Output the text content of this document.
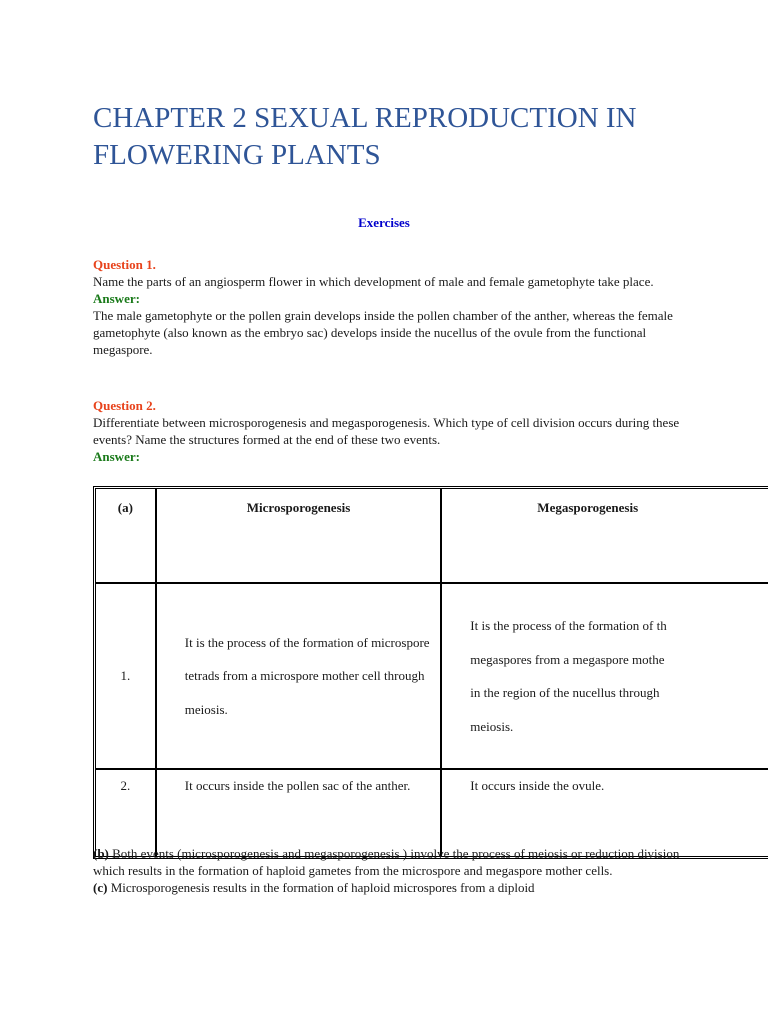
CHAPTER 2 SEXUAL REPRODUCTION IN FLOWERING PLANTS
Exercises

Question 1.

Name the parts of an angiosperm flower in which development of male and female gametophyte take place.

Answer:

The male gametophyte or the pollen grain develops inside the pollen chamber of the anther, whereas the female gametophyte (also known as the embryo sac) develops inside the nucellus of the ovule from the functional megaspore.

Question 2.

Differentiate between microsporogenesis and megasporogenesis. Which type of cell division occurs during these events? Name the structures formed at the end of these two events.

Answer:

(a)	Microsporogenesis	Megasporogenesis
1.	It is the process of the formation of microspore tetrads from a microspore mother cell through meiosis.	It is the process of the formation of th
megaspores from a megaspore mothe
in the region of the nucellus through
meiosis.

2.	It occurs inside the pollen sac of the anther.	It occurs inside the ovule.

(b) Both events (microsporogenesis and megasporogenesis ) involve the process of meiosis or reduction division which results in the formation of haploid gametes from the microspore and megaspore mother cells.

(c) Microsporogenesis results in the formation of haploid microspores from a diploid
